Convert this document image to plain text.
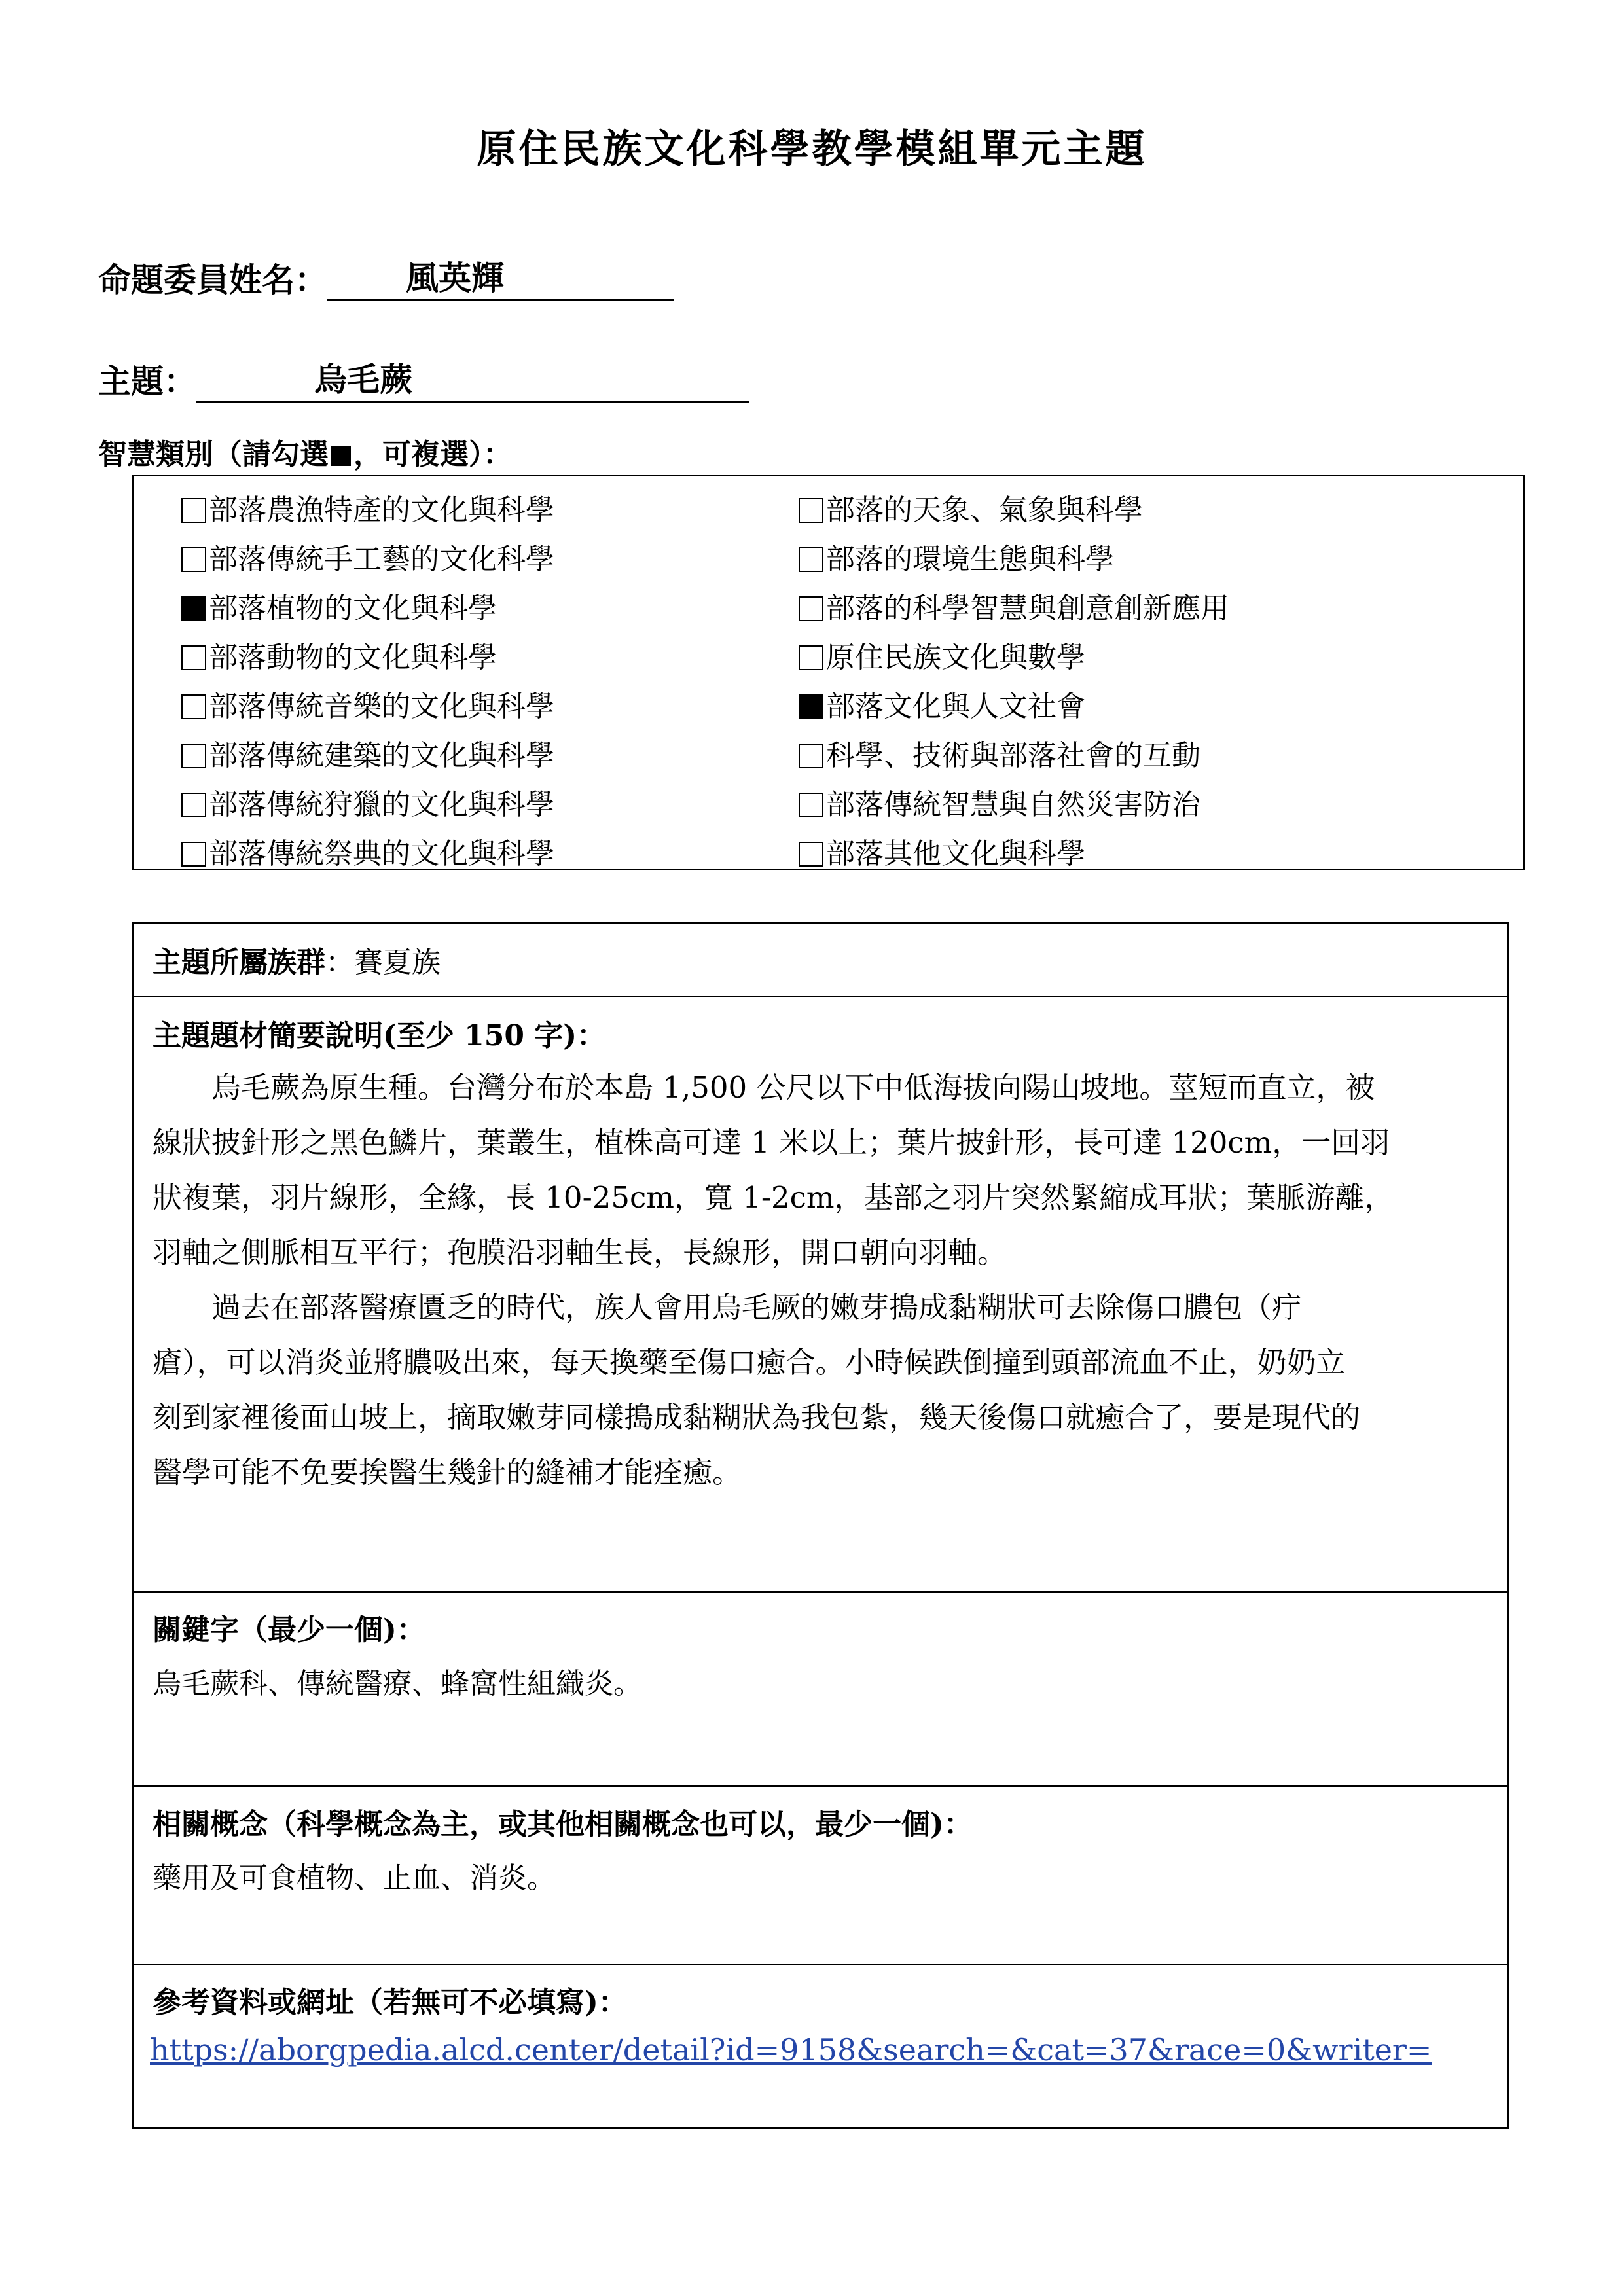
原住民族文化科學教學模組單元主題
命題委員姓名： 風英輝
主題：	烏毛蕨
智慧類別（請勾選 ，可複選）：
部落農漁特產的文化與科學
部落傳統手工藝的文化科學
部落植物的文化與科學
部落動物的文化與科學
部落傳統音樂的文化與科學
部落傳統建築的文化與科學
部落傳統狩獵的文化與科學
部落傳統祭典的文化與科學
部落的天象、氣象與科學
部落的環境生態與科學
部落的科學智慧與創意創新應用
原住民族文化與數學
部落文化與人文社會
科學、技術與部落社會的互動
部落傳統智慧與自然災害防治
部落其他文化與科學
主題所屬族群 ：賽夏族
主題題材簡要說明(至少 150 字)：
　　烏毛蕨為原生種。台灣分布於本島 1,500 公尺以下中低海拔向陽山坡地。莖短而直立，被
線狀披針形之黑色鱗片，葉叢生，植株高可達 1 米以上；葉片披針形，長可達 120cm，一回羽
狀複葉，羽片線形，全緣，長 10-25cm，寬 1-2cm，基部之羽片突然緊縮成耳狀；葉脈游離，
羽軸之側脈相互平行；孢膜沿羽軸生長，長線形，開口朝向羽軸。
　　過去在部落醫療匱乏的時代，族人會用烏毛厥的嫩芽搗成黏糊狀可去除傷口膿包（疔
瘡），可以消炎並將膿吸出來，每天換藥至傷口癒合。小時候跌倒撞到頭部流血不止，奶奶立
刻到家裡後面山坡上，摘取嫩芽同樣搗成黏糊狀為我包紮，幾天後傷口就癒合了，要是現代的
醫學可能不免要挨醫生幾針的縫補才能痊癒。
關鍵字（最少一個)：
烏毛蕨科、傳統醫療、蜂窩性組織炎。
相關概念（科學概念為主，或其他相關概念也可以，最少一個)：
藥用及可食植物、止血、消炎。
參考資料或網址（若無可不必填寫)：
https://aborgpedia.alcd.center/detail?id=9158&search=&cat=37&race=0&writer=
